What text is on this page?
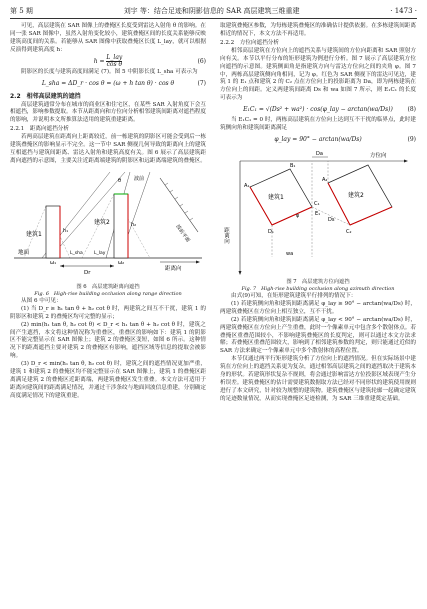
第 5 期	刘宇 等：结合足迹和阴影信息的 SAR 高层建筑三维重建	· 1473 ·

可见，高层建筑在 SAR 图像上的叠掩区长度受到雷达入射角 θ 的影响。在同一张 SAR 图像中，虽然入射角变化较小，建筑叠掩区间的长度关系能够反映建筑高度间的关系。若能够从 SAR 图像中获取叠掩区长度 L_lay，就可以根据反演得到建筑高度 h：

h =
L_lay
cos θ	(6)

阴影区的长度与建筑高度间满足 (7)。图 5 中阴影长度 L_sha 可表示为

L_sha = ΔD_r · cos θ = (ω + h tan θ) · cos θ	(7)
2.2　相邻高层建筑的遮挡

高层建筑通常分布在城市的商业区和住宅区，在某些 SAR 入射角度下会互相遮挡，影响参数提取。本节从距离向和方位向分析相邻建筑间距离对遮挡程度的影响，并说明本文所推算法适用的建筑重建距离。

2.2.1　距离向遮挡分析

若两高层建筑在距离向上距离较近，前一栋建筑的阴影区可能会受到后一栋建筑叠掩区的影响显示不完全。这一节中 SAR 侧视几何导致的距离向上的建筑互相遮挡与建筑间距离、雷达入射角和建筑高度有关。图 6 展示了高层建筑距离向遮挡的示意图，主要关注近距离端建筑的阴影区和远距离端建筑的叠掩区。

建筑1
建筑2
地面
距离向
波前
波前平面
Dr
h₁
h₂
ω₁	ω₂
θ
L_sha	L_lay
图 6　高层建筑距离向遮挡
Fig. 6　High-rise building occlusion along range direction

从图 6 中可见：

(1) 当 D_r ≥ h₁ tan θ + h₂ cot θ 时，两建筑之间互不干扰，建筑 1 的阴影区和建筑 2 的叠掩区均可完整的显示；

(2) min(h₁ tan θ, h₂ cot θ) < D_r < h₁ tan θ + h₂ cot θ 时，建筑之间产生遮挡，本文将这种情况称为重叠区，重叠区的影响如下：建筑 1 的阴影区不能完整显示在 SAR 图像上；建筑 2 的叠掩区变短，如图 6 所示。这种情况下的距离遮挡主要对建筑 2 的叠掩区有影响，遮挡区域等信息的提取会被影响。

(3) D_r < min(h₁ tan θ, h₂ cot θ) 时，建筑之间的遮挡情况更加严重，建筑 1 和建筑 2 的叠掩区均不能完整显示在 SAR 图像上，建筑 1 的叠掩区距离满足建筑 2 的叠掩区近距离端，两建筑叠掩区发生重叠。本文方法可适用于距离向建筑间的距离满足情况，并通过干涉条纹与地面回波信息重建，分别确定高度满足情况下的建筑重建。

取建筑叠掩区参数，为每栋建筑叠掩区的准确估计提供依据。在多栋建筑间距离相近的情况下，本文方法不再适用。

2.2.2　方位向遮挡分析

相邻高层建筑在方位向上的遮挡关系与建筑间的方位向距离和 SAR 照射方向有关。本节以平行分布的矩形建筑为例进行分析。图 7 展示了高层建筑方位向遮挡的示意图。建筑侧面角是指建筑方向与雷达方位向之间的夹角 φ。图 7 中，两栋高层建筑侧向角相同，记为 φ。红色为 SAR 侧视下的雷达可见边，建筑 1 的 E₁ 点和建筑 2 的 C₂ 点在方位向上的投影距离为 Da，即为两栋建筑在方位向上的间距。定义两建筑间距离 Ds 和 wa 如图 7 所示，则 E₁C₁ 的长度可表示为

E₁C₁ = √(Ds² + wa²) · cos(φ_lay − arctan(wa/Ds)) (8)

当 E₁C₁ = 0 时，两栋高层建筑在方位向上达到互不干扰的临界点，此时建筑侧向角和建筑间距离满足

φ_lay = 90° − arctan(wa/Ds)	(9)
方位向
距离向
建筑1	建筑2
A₁
B₁
C₁
D₁
E₁
A₂
C₂
Da
Ds
wa
φ
图 7　高层建筑方位向遮挡
Fig. 7　High-rise building occlusion along azimuth direction

由式(9)可知，在矩形建筑建筑平行排列的情况下：

(1) 若建筑侧向角和建筑间距离满足 φ_lay ≥ 90° − arctan(wa/Ds) 时，两建筑叠掩区在方位向上相互独立，互不干扰。

(2) 若建筑侧向角和建筑间距离满足 φ_lay < 90° − arctan(wa/Ds) 时，两建筑叠掩区在方位向上产生重叠，此时一个像素单元中包含多个散射体点。若叠掩区重叠范围较小，不影响建筑叠掩区的长度判定，则可以通过本文方法求解；若叠掩区重叠范围较大，影响到了相邻建筑参数的判定，则只能通过近似的 SAR 方法来确定一个像素单元中多个散射体的高程位置。

本节仅通过两平行矩形建筑分析了方位向上的遮挡情况。但在实际场景中建筑在方位向上的遮挡关系更为复杂，通过相邻高层建筑之间的遮挡取决于建筑本身的形状。若建筑形状复杂不规则，将会通过影响雷达方位投影区域表现产生分析误差。建筑叠掩区的估计需要建筑数据取方法已经对不同形状的建筑使用规则进行了本文研究，针对较为规整的建筑物。建筑叠掩区与建筑轮廓一起确定建筑的足迹数量情况，从而实现叠掩区足迹检测，为 SAR 三维重建奠定基础。
